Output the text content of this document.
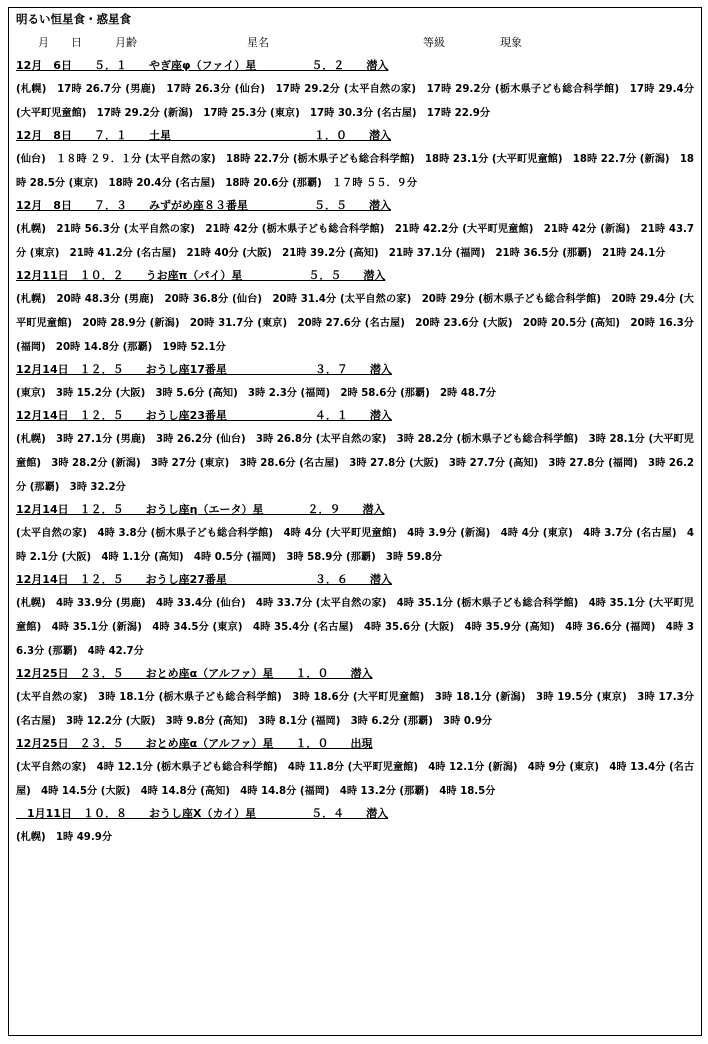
明るい恒星食・惑星食
　　月　　日　　　月齢　　　　　　　　　　星名　　　　　　　　　　　　　　等級　　　　　現象
12月　6日　　５．１　　やぎ座φ（ファイ）星　　　　　５．２　　潜入
(札幌)　17時 26.7分 (男鹿)　17時 26.3分 (仙台)　17時 29.2分 (太平自然の家)　17時 29.2分 (栃木県子ども総合科学館)　17時 29.4分 (大平町児童館)　17時 29.2分 (新潟)　17時 25.3分 (東京)　17時 30.3分 (名古屋)　17時 22.9分
12月　8日　　７．１　　土星　　　　　　　　　　　　　１．０　　潜入
(仙台)　１８時 ２９．１分 (太平自然の家)　18時 22.7分 (栃木県子ども総合科学館)　18時 23.1分 (大平町児童館)　18時 22.7分 (新潟)　18時 28.5分 (東京)　18時 20.4分 (名古屋)　18時 20.6分 (那覇)　１７時 ５５．９分
12月　8日　　７．３　　みずがめ座８３番星　　　　　　５．５　　潜入
(札幌)　21時 56.3分 (太平自然の家)　21時 42分 (栃木県子ども総合科学館)　21時 42.2分 (大平町児童館)　21時 42分 (新潟)　21時 43.7分 (東京)　21時 41.2分 (名古屋)　21時 40分 (大阪)　21時 39.2分 (高知)　21時 37.1分 (福岡)　21時 36.5分 (那覇)　21時 24.1分
12月11日　１０．２　　うお座π（パイ）星　　　　　　５．５　　潜入
(札幌)　20時 48.3分 (男鹿)　20時 36.8分 (仙台)　20時 31.4分 (太平自然の家)　20時 29分 (栃木県子ども総合科学館)　20時 29.4分 (大平町児童館)　20時 28.9分 (新潟)　20時 31.7分 (東京)　20時 27.6分 (名古屋)　20時 23.6分 (大阪)　20時 20.5分 (高知)　20時 16.3分 (福岡)　20時 14.8分 (那覇)　19時 52.1分
12月14日　１２．５　　おうし座17番星　　　　　　　　３．７　　潜入
(東京)　3時 15.2分 (大阪)　3時 5.6分 (高知)　3時 2.3分 (福岡)　2時 58.6分 (那覇)　2時 48.7分
12月14日　１２．５　　おうし座23番星　　　　　　　　４．１　　潜入
(札幌)　3時 27.1分 (男鹿)　3時 26.2分 (仙台)　3時 26.8分 (太平自然の家)　3時 28.2分 (栃木県子ども総合科学館)　3時 28.1分 (大平町児童館)　3時 28.2分 (新潟)　3時 27分 (東京)　3時 28.6分 (名古屋)　3時 27.8分 (大阪)　3時 27.7分 (高知)　3時 27.8分 (福岡)　3時 26.2分 (那覇)　3時 32.2分
12月14日　１２．５　　おうし座η（エータ）星　　　　２．９　　潜入
(太平自然の家)　4時 3.8分 (栃木県子ども総合科学館)　4時 4分 (大平町児童館)　4時 3.9分 (新潟)　4時 4分 (東京)　4時 3.7分 (名古屋)　4時 2.1分 (大阪)　4時 1.1分 (高知)　4時 0.5分 (福岡)　3時 58.9分 (那覇)　3時 59.8分
12月14日　１２．５　　おうし座27番星　　　　　　　　３．６　　潜入
(札幌)　4時 33.9分 (男鹿)　4時 33.4分 (仙台)　4時 33.7分 (太平自然の家)　4時 35.1分 (栃木県子ども総合科学館)　4時 35.1分 (大平町児童館)　4時 35.1分 (新潟)　4時 34.5分 (東京)　4時 35.4分 (名古屋)　4時 35.6分 (大阪)　4時 35.9分 (高知)　4時 36.6分 (福岡)　4時 36.3分 (那覇)　4時 42.7分
12月25日　２３．５　　おとめ座α（アルファ）星　　１．０　　潜入
(太平自然の家)　3時 18.1分 (栃木県子ども総合科学館)　3時 18.6分 (大平町児童館)　3時 18.1分 (新潟)　3時 19.5分 (東京)　3時 17.3分 (名古屋)　3時 12.2分 (大阪)　3時 9.8分 (高知)　3時 8.1分 (福岡)　3時 6.2分 (那覇)　3時 0.9分
12月25日　２３．５　　おとめ座α（アルファ）星　　１．０　　出現
(太平自然の家)　4時 12.1分 (栃木県子ども総合科学館)　4時 11.8分 (大平町児童館)　4時 12.1分 (新潟)　4時 9分 (東京)　4時 13.4分 (名古屋)　4時 14.5分 (大阪)　4時 14.8分 (高知)　4時 14.8分 (福岡)　4時 13.2分 (那覇)　4時 18.5分
　1月11日　１０．８　　おうし座Χ（カイ）星　　　　　５．４　　潜入
(札幌)　1時 49.9分
